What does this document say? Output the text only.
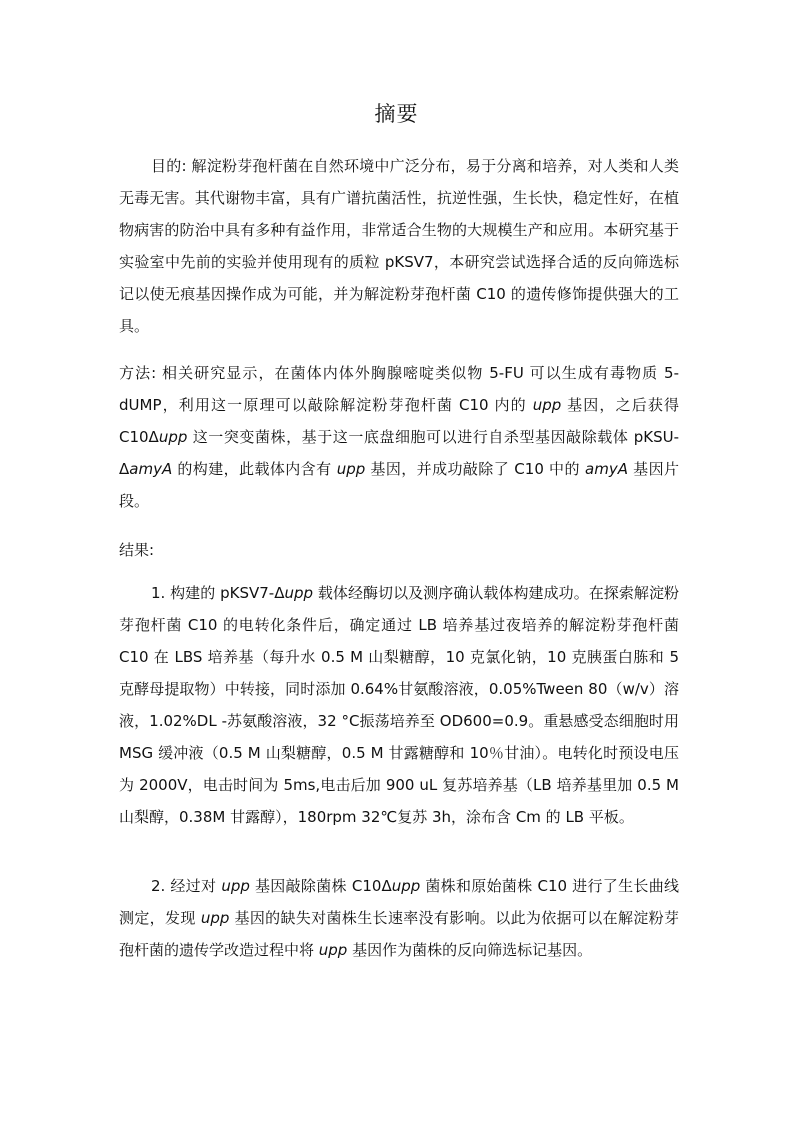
摘要

目的: 解淀粉芽孢杆菌在自然环境中广泛分布，易于分离和培养，对人类和人类无毒无害。其代谢物丰富，具有广谱抗菌活性，抗逆性强，生长快，稳定性好，在植物病害的防治中具有多种有益作用，非常适合生物的大规模生产和应用。本研究基于实验室中先前的实验并使用现有的质粒 pKSV7，本研究尝试选择合适的反向筛选标记以使无痕基因操作成为可能，并为解淀粉芽孢杆菌 C10 的遗传修饰提供强大的工具。

方法: 相关研究显示，在菌体内体外胸腺嘧啶类似物 5-FU 可以生成有毒物质 5-dUMP，利用这一原理可以敲除解淀粉芽孢杆菌 C10 内的 upp 基因，之后获得 C10Δupp 这一突变菌株，基于这一底盘细胞可以进行自杀型基因敲除载体 pKSU-ΔamyA 的构建，此载体内含有 upp 基因，并成功敲除了 C10 中的 amyA 基因片段。

结果:

1. 构建的 pKSV7-Δupp 载体经酶切以及测序确认载体构建成功。在探索解淀粉芽孢杆菌 C10 的电转化条件后，确定通过 LB 培养基过夜培养的解淀粉芽孢杆菌 C10 在 LBS 培养基（每升水 0.5 M 山梨糖醇，10 克氯化钠，10 克胰蛋白胨和 5 克酵母提取物）中转接，同时添加 0.64%甘氨酸溶液，0.05%Tween 80（w/v）溶液，1.02%DL -苏氨酸溶液，32 °C振荡培养至 OD600=0.9。重悬感受态细胞时用 MSG 缓冲液（0.5 M 山梨糖醇，0.5 M 甘露糖醇和 10％甘油）。电转化时预设电压为 2000V，电击时间为 5ms,电击后加 900 uL 复苏培养基（LB 培养基里加 0.5 M 山梨醇，0.38M 甘露醇），180rpm 32℃复苏 3h，涂布含 Cm 的 LB 平板。

2. 经过对 upp 基因敲除菌株 C10Δupp 菌株和原始菌株 C10 进行了生长曲线测定，发现 upp 基因的缺失对菌株生长速率没有影响。以此为依据可以在解淀粉芽孢杆菌的遗传学改造过程中将 upp 基因作为菌株的反向筛选标记基因。
